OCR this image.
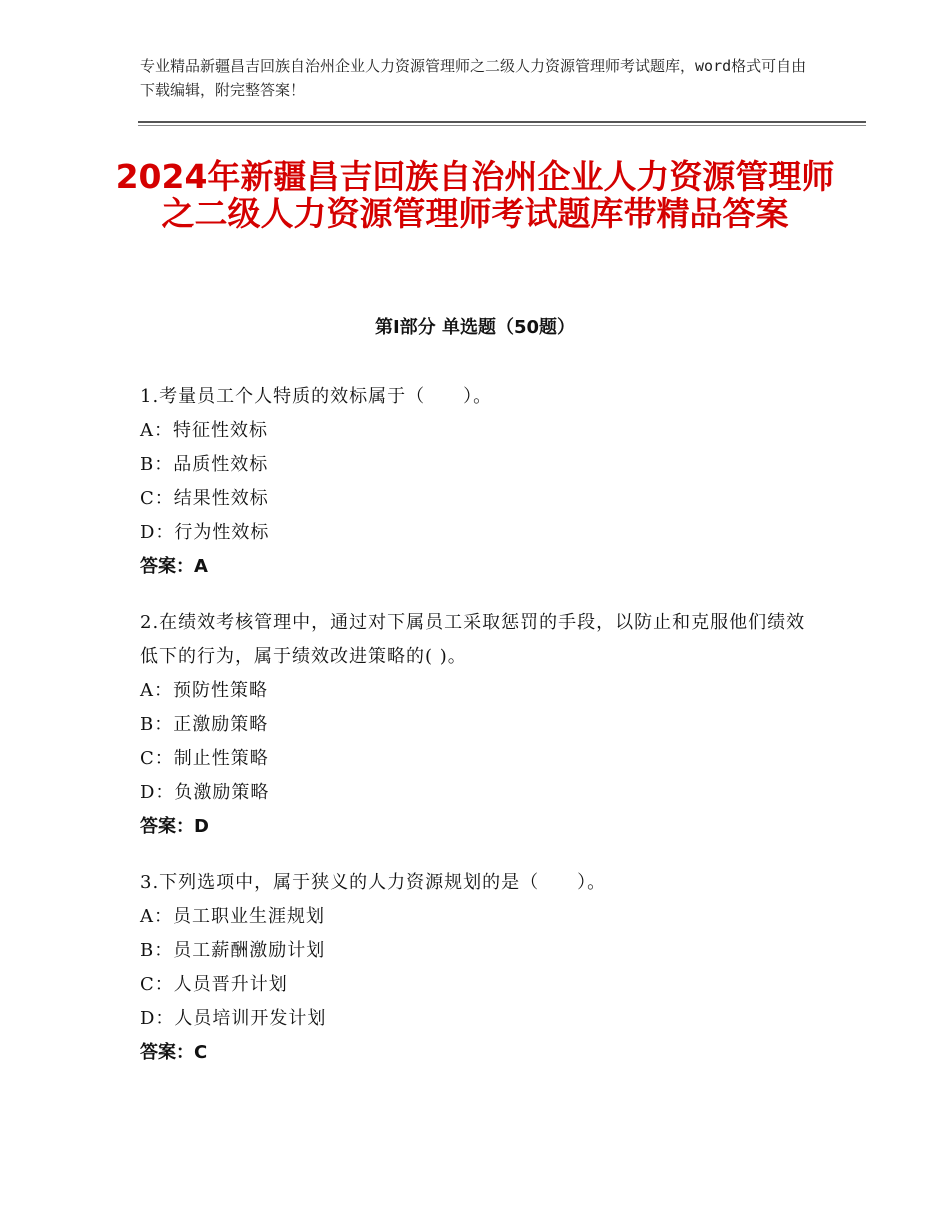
专业精品新疆昌吉回族自治州企业人力资源管理师之二级人力资源管理师考试题库，word格式可自由下载编辑，附完整答案！
2024年新疆昌吉回族自治州企业人力资源管理师之二级人力资源管理师考试题库带精品答案
第Ⅰ部分 单选题（50题）
1.考量员工个人特质的效标属于（　　）。
A：特征性效标
B：品质性效标
C：结果性效标
D：行为性效标
答案：A
2.在绩效考核管理中，通过对下属员工采取惩罚的手段，以防止和克服他们绩效低下的行为，属于绩效改进策略的( )。
A：预防性策略
B：正激励策略
C：制止性策略
D：负激励策略
答案：D
3.下列选项中，属于狭义的人力资源规划的是（　　）。
A：员工职业生涯规划
B：员工薪酬激励计划
C：人员晋升计划
D：人员培训开发计划
答案：C
